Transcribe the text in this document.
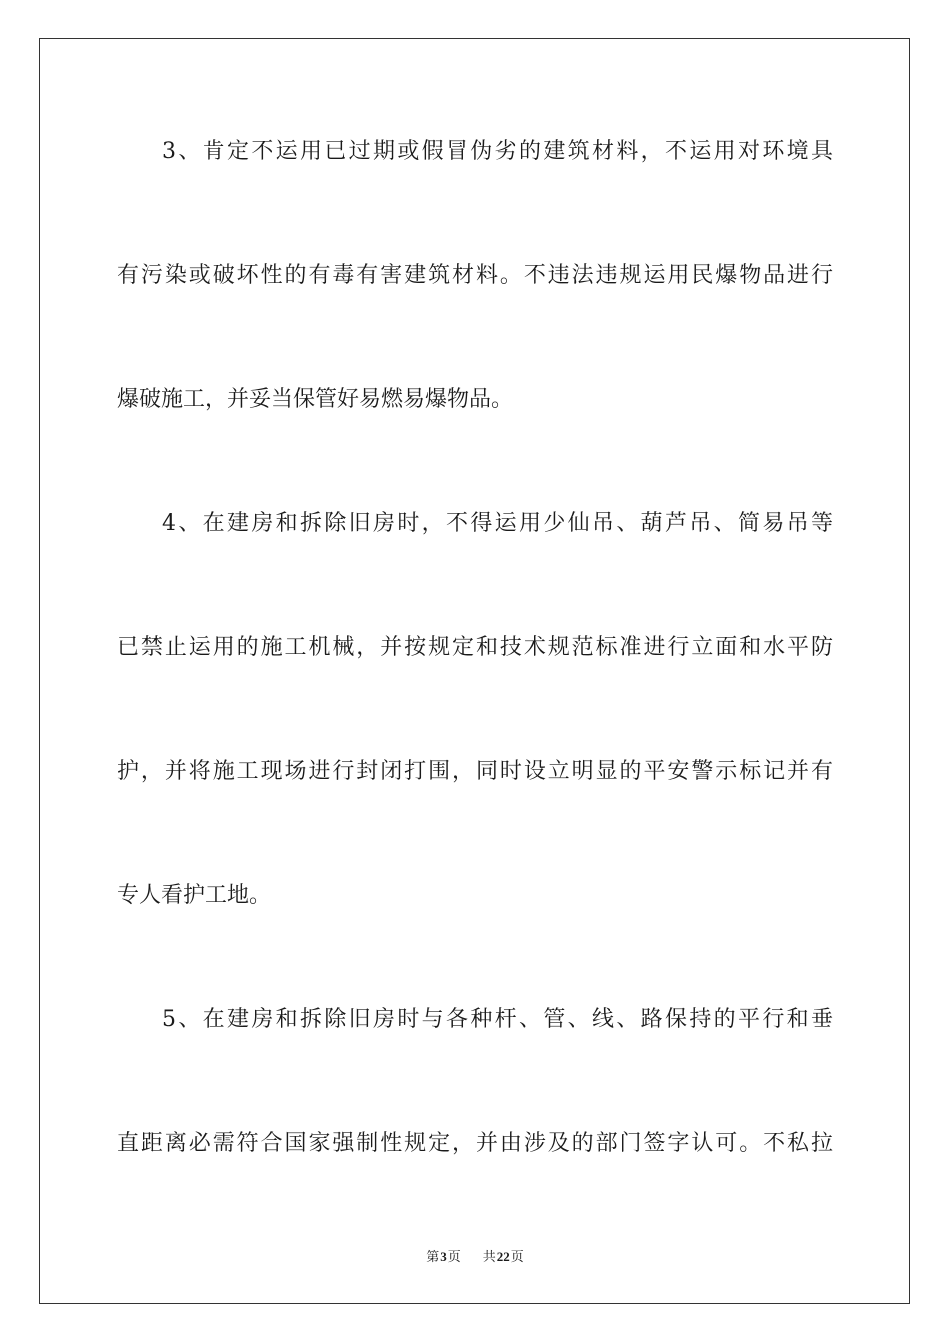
3、肯定不运用已过期或假冒伪劣的建筑材料，不运用对环境具
有污染或破坏性的有毒有害建筑材料。不违法违规运用民爆物品进行
爆破施工，并妥当保管好易燃易爆物品。
4、在建房和拆除旧房时，不得运用少仙吊、葫芦吊、简易吊等
已禁止运用的施工机械，并按规定和技术规范标准进行立面和水平防
护，并将施工现场进行封闭打围，同时设立明显的平安警示标记并有
专人看护工地。
5、在建房和拆除旧房时与各种杆、管、线、路保持的平行和垂
直距离必需符合国家强制性规定，并由涉及的部门签字认可。不私拉
第3页 共22页
